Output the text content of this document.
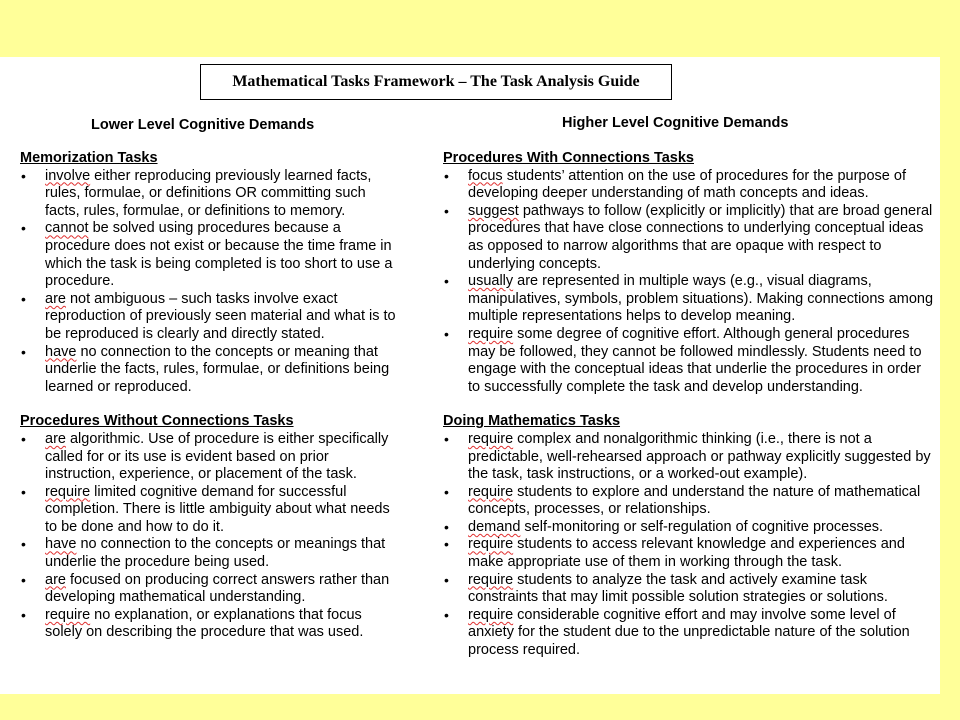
Mathematical Tasks Framework – The Task Analysis Guide
Lower Level Cognitive Demands	Higher Level Cognitive Demands
Memorization Tasks
• involve either reproducing previously learned facts, rules, formulae, or definitions OR committing such facts, rules, formulae, or definitions to memory.
• cannot be solved using procedures because a procedure does not exist or because the time frame in which the task is being completed is too short to use a procedure.
• are not ambiguous – such tasks involve exact reproduction of previously seen material and what is to be reproduced is clearly and directly stated.
• have no connection to the concepts or meaning that underlie the facts, rules, formulae, or definitions being learned or reproduced.
Procedures Without Connections Tasks
• are algorithmic. Use of procedure is either specifically called for or its use is evident based on prior instruction, experience, or placement of the task.
• require limited cognitive demand for successful completion. There is little ambiguity about what needs to be done and how to do it.
• have no connection to the concepts or meanings that underlie the procedure being used.
• are focused on producing correct answers rather than developing mathematical understanding.
• require no explanation, or explanations that focus solely on describing the procedure that was used.
Procedures With Connections Tasks
• focus students’ attention on the use of procedures for the purpose of developing deeper understanding of math concepts and ideas.
• suggest pathways to follow (explicitly or implicitly) that are broad general procedures that have close connections to underlying conceptual ideas as opposed to narrow algorithms that are opaque with respect to underlying concepts.
• usually are represented in multiple ways (e.g., visual diagrams, manipulatives, symbols, problem situations). Making connections among multiple representations helps to develop meaning.
• require some degree of cognitive effort. Although general procedures may be followed, they cannot be followed mindlessly. Students need to engage with the conceptual ideas that underlie the procedures in order to successfully complete the task and develop understanding.
Doing Mathematics Tasks
• require complex and nonalgorithmic thinking (i.e., there is not a predictable, well-rehearsed approach or pathway explicitly suggested by the task, task instructions, or a worked-out example).
• require students to explore and understand the nature of mathematical concepts, processes, or relationships.
• demand self-monitoring or self-regulation of cognitive processes.
• require students to access relevant knowledge and experiences and make appropriate use of them in working through the task.
• require students to analyze the task and actively examine task constraints that may limit possible solution strategies or solutions.
• require considerable cognitive effort and may involve some level of anxiety for the student due to the unpredictable nature of the solution process required.
